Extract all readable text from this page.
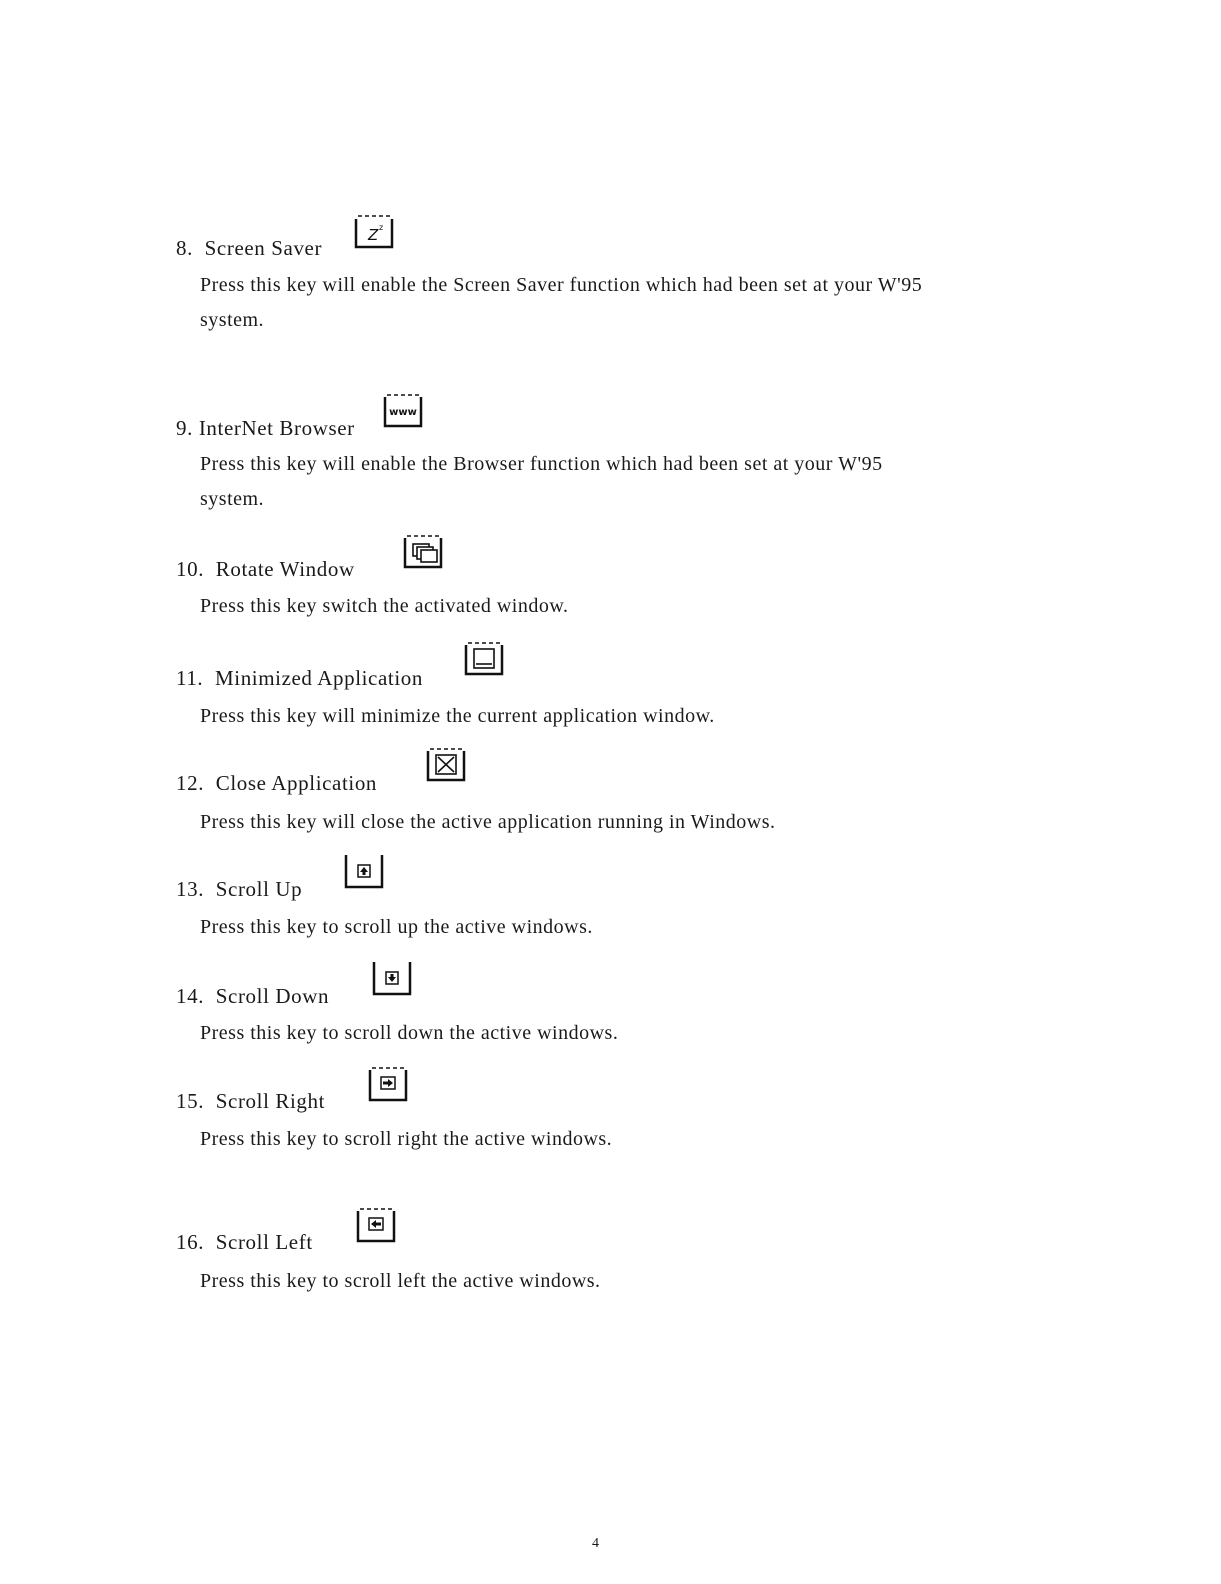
8. Screen Saver
Z z
Press this key will enable the Screen Saver function which had been set at your W'95
system.
9. InterNet Browser
www
Press this key will enable the Browser function which had been set at your W'95
system.
10. Rotate Window
Press this key switch the activated window.
11. Minimized Application
Press this key will minimize the current application window.
12. Close Application
Press this key will close the active application running in Windows.
13. Scroll Up
Press this key to scroll up the active windows.
14. Scroll Down
Press this key to scroll down the active windows.
15. Scroll Right
Press this key to scroll right the active windows.
16. Scroll Left
Press this key to scroll left the active windows.
4
